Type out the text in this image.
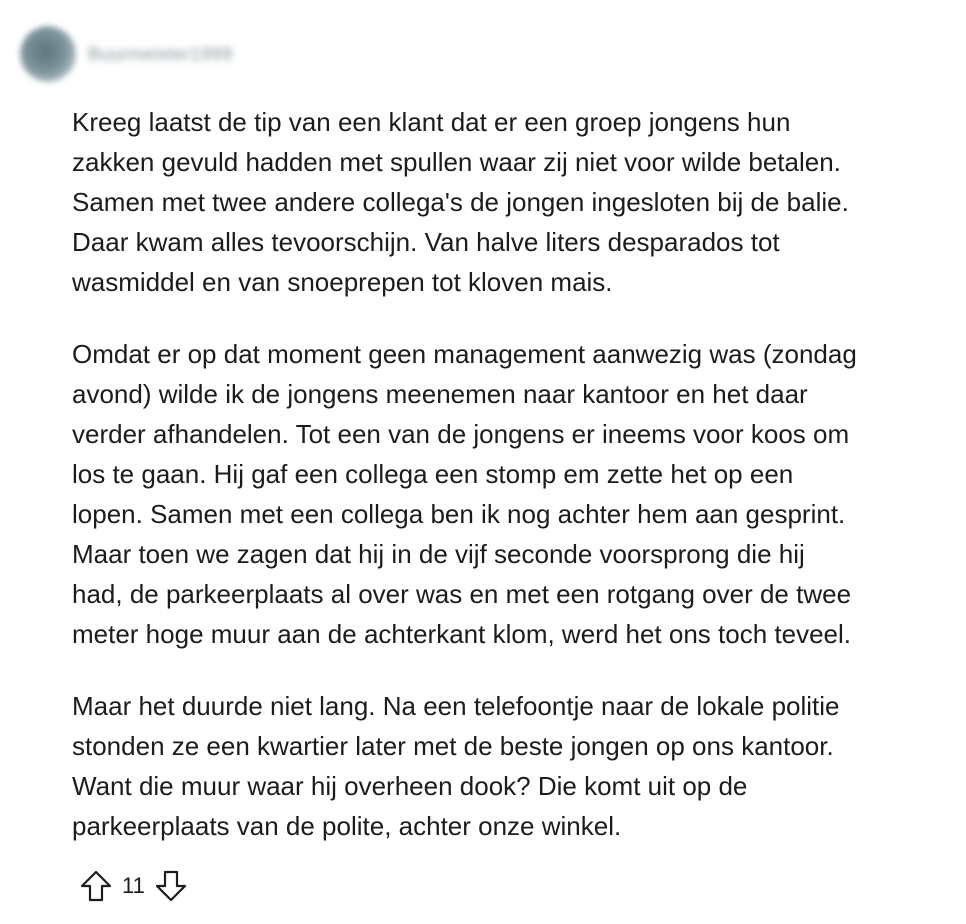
Buurmeister1999

Kreeg laatst de tip van een klant dat er een groep jongens hun
zakken gevuld hadden met spullen waar zij niet voor wilde betalen.
Samen met twee andere collega's de jongen ingesloten bij de balie.
Daar kwam alles tevoorschijn. Van halve liters desparados tot
wasmiddel en van snoeprepen tot kloven mais.

Omdat er op dat moment geen management aanwezig was (zondag
avond) wilde ik de jongens meenemen naar kantoor en het daar
verder afhandelen. Tot een van de jongens er ineems voor koos om
los te gaan. Hij gaf een collega een stomp em zette het op een
lopen. Samen met een collega ben ik nog achter hem aan gesprint.
Maar toen we zagen dat hij in de vijf seconde voorsprong die hij
had, de parkeerplaats al over was en met een rotgang over de twee
meter hoge muur aan de achterkant klom, werd het ons toch teveel.

Maar het duurde niet lang. Na een telefoontje naar de lokale politie
stonden ze een kwartier later met de beste jongen op ons kantoor.
Want die muur waar hij overheen dook? Die komt uit op de
parkeerplaats van de polite, achter onze winkel.

11
